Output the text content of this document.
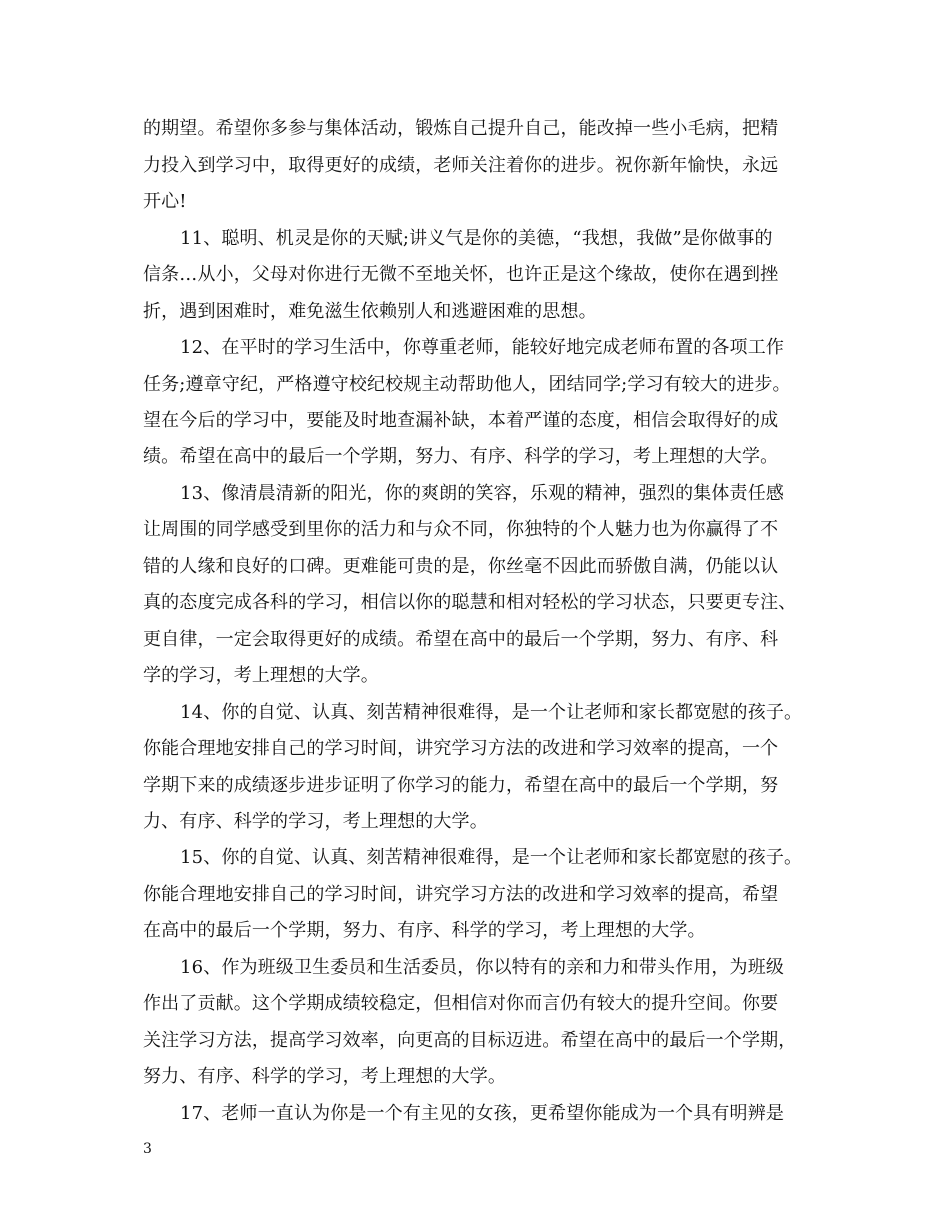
的期望。希望你多参与集体活动，锻炼自己提升自己，能改掉一些小毛病，把精
力投入到学习中，取得更好的成绩，老师关注着你的进步。祝你新年愉快，永远
开心!
11、聪明、机灵是你的天赋;讲义气是你的美德，“我想，我做”是你做事的
信条…从小，父母对你进行无微不至地关怀，也许正是这个缘故，使你在遇到挫
折，遇到困难时，难免滋生依赖别人和逃避困难的思想。
12、在平时的学习生活中，你尊重老师，能较好地完成老师布置的各项工作
任务;遵章守纪，严格遵守校纪校规主动帮助他人，团结同学;学习有较大的进步。
望在今后的学习中，要能及时地查漏补缺，本着严谨的态度，相信会取得好的成
绩。希望在高中的最后一个学期，努力、有序、科学的学习，考上理想的大学。
13、像清晨清新的阳光，你的爽朗的笑容，乐观的精神，强烈的集体责任感
让周围的同学感受到里你的活力和与众不同，你独特的个人魅力也为你赢得了不
错的人缘和良好的口碑。更难能可贵的是，你丝毫不因此而骄傲自满，仍能以认
真的态度完成各科的学习，相信以你的聪慧和相对轻松的学习状态，只要更专注、
更自律，一定会取得更好的成绩。希望在高中的最后一个学期，努力、有序、科
学的学习，考上理想的大学。
14、你的自觉、认真、刻苦精神很难得，是一个让老师和家长都宽慰的孩子。
你能合理地安排自己的学习时间，讲究学习方法的改进和学习效率的提高，一个
学期下来的成绩逐步进步证明了你学习的能力，希望在高中的最后一个学期，努
力、有序、科学的学习，考上理想的大学。
15、你的自觉、认真、刻苦精神很难得，是一个让老师和家长都宽慰的孩子。
你能合理地安排自己的学习时间，讲究学习方法的改进和学习效率的提高，希望
在高中的最后一个学期，努力、有序、科学的学习，考上理想的大学。
16、作为班级卫生委员和生活委员，你以特有的亲和力和带头作用，为班级
作出了贡献。这个学期成绩较稳定，但相信对你而言仍有较大的提升空间。你要
关注学习方法，提高学习效率，向更高的目标迈进。希望在高中的最后一个学期，
努力、有序、科学的学习，考上理想的大学。
17、老师一直认为你是一个有主见的女孩，更希望你能成为一个具有明辨是
3
